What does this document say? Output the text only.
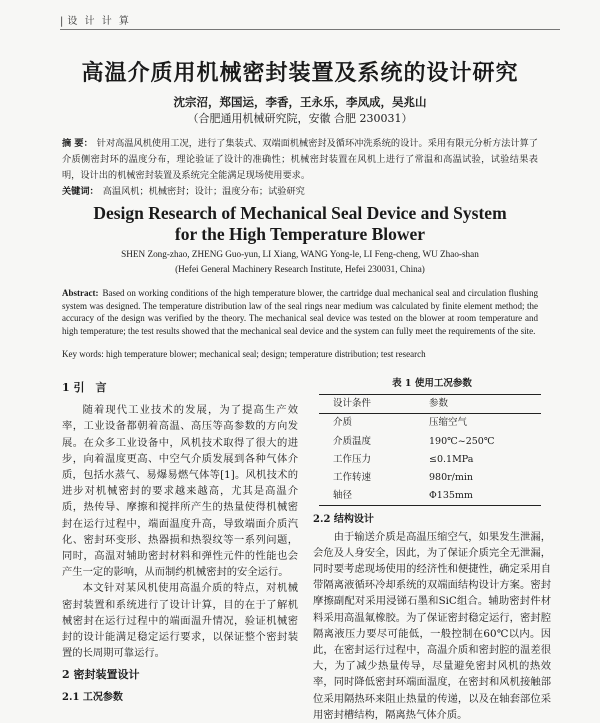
| 设 计 计 算
高温介质用机械密封装置及系统的设计研究
沈宗沼，郑国运，李香，王永乐，李凤成，吴兆山
（合肥通用机械研究院，安徽 合肥 230031）
摘 要： 针对高温风机使用工况，进行了集装式、双端面机械密封及循环冲洗系统的设计。采用有限元分析方法计算了介质侧密封环的温度分布，理论验证了设计的准确性；机械密封装置在风机上进行了常温和高温试验，试验结果表明，设计出的机械密封装置及系统完全能满足现场使用要求。
关键词： 高温风机；机械密封；设计；温度分布；试验研究
Design Research of Mechanical Seal Device and System
for the High Temperature Blower
SHEN Zong-zhao, ZHENG Guo-yun, LI Xiang, WANG Yong-le, LI Feng-cheng, WU Zhao-shan
(Hefei General Machinery Research Institute, Hefei 230031, China)
Abstract: Based on working conditions of the high temperature blower, the cartridge dual mechanical seal and circulation flushing system was designed. The temperature distribution law of the seal rings near medium was calculated by finite element method; the accuracy of the design was verified by the theory. The mechanical seal device was tested on the blower at room temperature and high temperature; the test results showed that the mechanical seal device and the system can fully meet the requirements of the site.
Key words: high temperature blower; mechanical seal; design; temperature distribution; test research
1 引　言

随着现代工业技术的发展，为了提高生产效率，工业设备都朝着高温、高压等高参数的方向发展。在众多工业设备中，风机技术取得了很大的进步，向着温度更高、中空气介质发展到各种气体介质，包括水蒸气、易爆易燃气体等[1]。风机技术的进步对机械密封的要求越来越高，尤其是高温介质，热传导、摩擦和搅拌所产生的热量使得机械密封在运行过程中，端面温度升高，导致端面介质汽化、密封环变形、热器损和热裂纹等一系列问题，同时，高温对辅助密封材料和弹性元件的性能也会产生一定的影响，从而制约机械密封的安全运行。

本文针对某风机使用高温介质的特点，对机械密封装置和系统进行了设计计算，目的在于了解机械密封在运行过程中的端面温升情况，验证机械密封的设计能满足稳定运行要求，以保证整个密封装置的长周期可靠运行。

2 密封装置设计
2.1 工况参数
表 1 使用工况参数
设计条件	参数
介质	压缩空气
介质温度	190℃~250℃
工作压力	≤0.1MPa
工作转速	980r/min
轴径	Φ135mm
2.2 结构设计

由于输送介质是高温压缩空气，如果发生泄漏，会危及人身安全，因此，为了保证介质完全无泄漏，同时要考虑现场使用的经济性和便捷性，确定采用自带隔离液循环冷却系统的双端面结构设计方案。密封摩擦副配对采用浸锑石墨和SiC组合。辅助密封件材料采用高温氟橡胶。为了保证密封稳定运行，密封腔隔离液压力要尽可能低，一般控制在60℃以内。因此，在密封运行过程中，高温介质和密封腔的温差很大，为了减少热量传导，尽量避免密封风机的热效率，同时降低密封环端面温度，在密封和风机接触部位采用隔热环来阻止热量的传递，以及在轴套部位采用密封槽结构，隔离热气体介质。
